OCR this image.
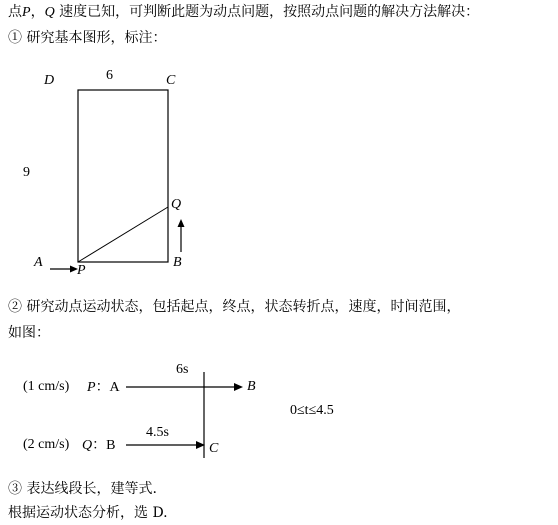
点P，Q 速度已知，可判断此题为动点问题，按照动点问题的解决方法解决：
① 研究基本图形，标注：
D	6	C
9
Q
A	B
P
② 研究动点运动状态，包括起点，终点，状态转折点，速度，时间范围，
如图：
6s
(1 cm/s) P：A	B
0≤t≤4.5
4.5s
(2 cm/s) Q：B	C
③ 表达线段长，建等式.
根据运动状态分析，选 D.
